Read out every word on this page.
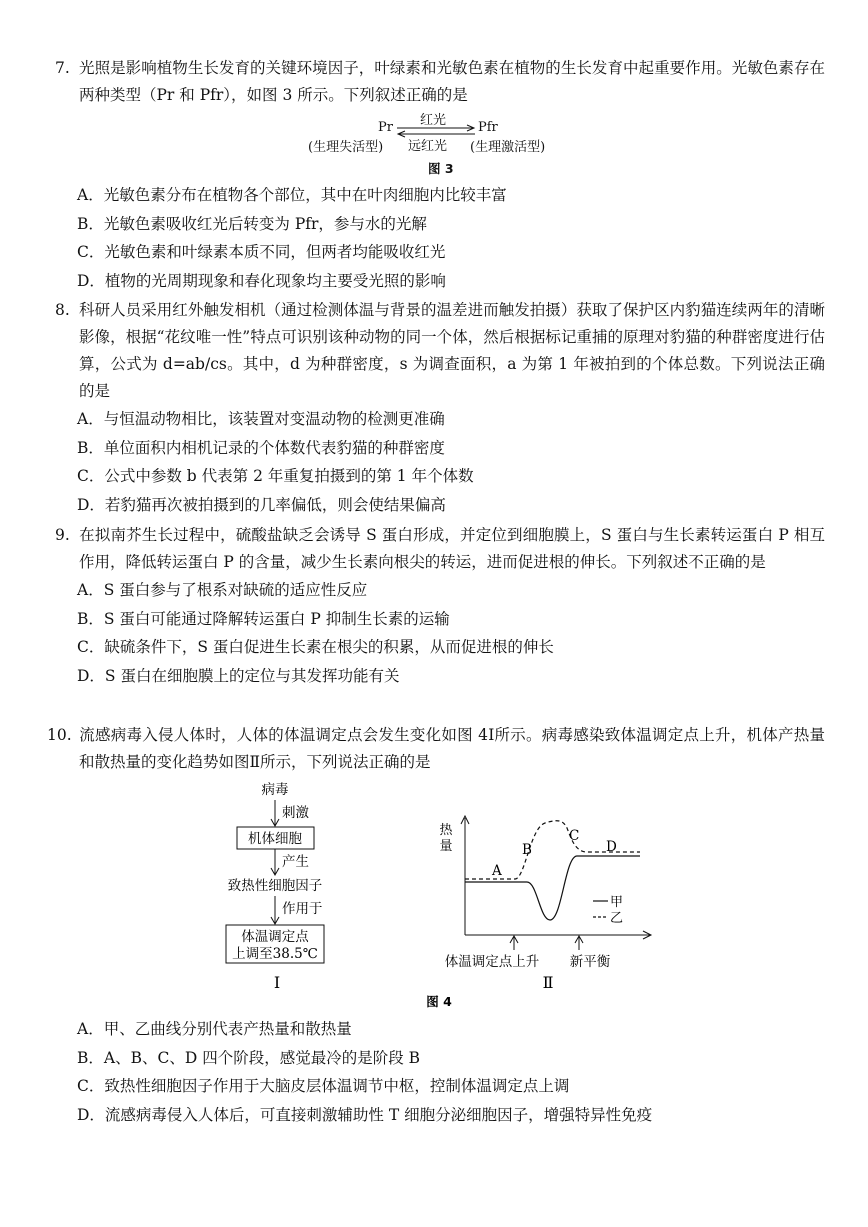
7. 光照是影响植物生长发育的关键环境因子，叶绿素和光敏色素在植物的生长发育中起重要作用。光敏色素存在两种类型（Pr 和 Pfr），如图 3 所示。下列叙述正确的是
Pr	Pfr
红光
远红光
(生理失活型)	(生理激活型)
图 3
A．光敏色素分布在植物各个部位，其中在叶肉细胞内比较丰富
B．光敏色素吸收红光后转变为 Pfr，参与水的光解
C．光敏色素和叶绿素本质不同，但两者均能吸收红光
D．植物的光周期现象和春化现象均主要受光照的影响
8. 科研人员采用红外触发相机（通过检测体温与背景的温差进而触发拍摄）获取了保护区内豹猫连续两年的清晰影像，根据“花纹唯一性”特点可识别该种动物的同一个体，然后根据标记重捕的原理对豹猫的种群密度进行估算，公式为 d=ab/cs。其中，d 为种群密度，s 为调查面积，a 为第 1 年被拍到的个体总数。下列说法正确的是
A．与恒温动物相比，该装置对变温动物的检测更准确
B．单位面积内相机记录的个体数代表豹猫的种群密度
C．公式中参数 b 代表第 2 年重复拍摄到的第 1 年个体数
D．若豹猫再次被拍摄到的几率偏低，则会使结果偏高
9. 在拟南芥生长过程中，硫酸盐缺乏会诱导 S 蛋白形成，并定位到细胞膜上，S 蛋白与生长素转运蛋白 P 相互作用，降低转运蛋白 P 的含量，减少生长素向根尖的转运，进而促进根的伸长。下列叙述不正确的是
A．S 蛋白参与了根系对缺硫的适应性反应
B．S 蛋白可能通过降解转运蛋白 P 抑制生长素的运输
C．缺硫条件下，S 蛋白促进生长素在根尖的积累，从而促进根的伸长
D．S 蛋白在细胞膜上的定位与其发挥功能有关
10. 流感病毒入侵人体时，人体的体温调定点会发生变化如图 4Ⅰ所示。病毒感染致体温调定点上升，机体产热量和散热量的变化趋势如图Ⅱ所示，下列说法正确的是
病毒
刺激
机体细胞
产生
致热性细胞因子
作用于
体温调定点
上调至38.5℃
Ⅰ
热
量
A
B
C
D
甲
乙
体温调定点上升 新平衡
Ⅱ
图 4
A．甲、乙曲线分别代表产热量和散热量
B．A、B、C、D 四个阶段，感觉最冷的是阶段 B
C．致热性细胞因子作用于大脑皮层体温调节中枢，控制体温调定点上调
D．流感病毒侵入人体后，可直接刺激辅助性 T 细胞分泌细胞因子，增强特异性免疫
